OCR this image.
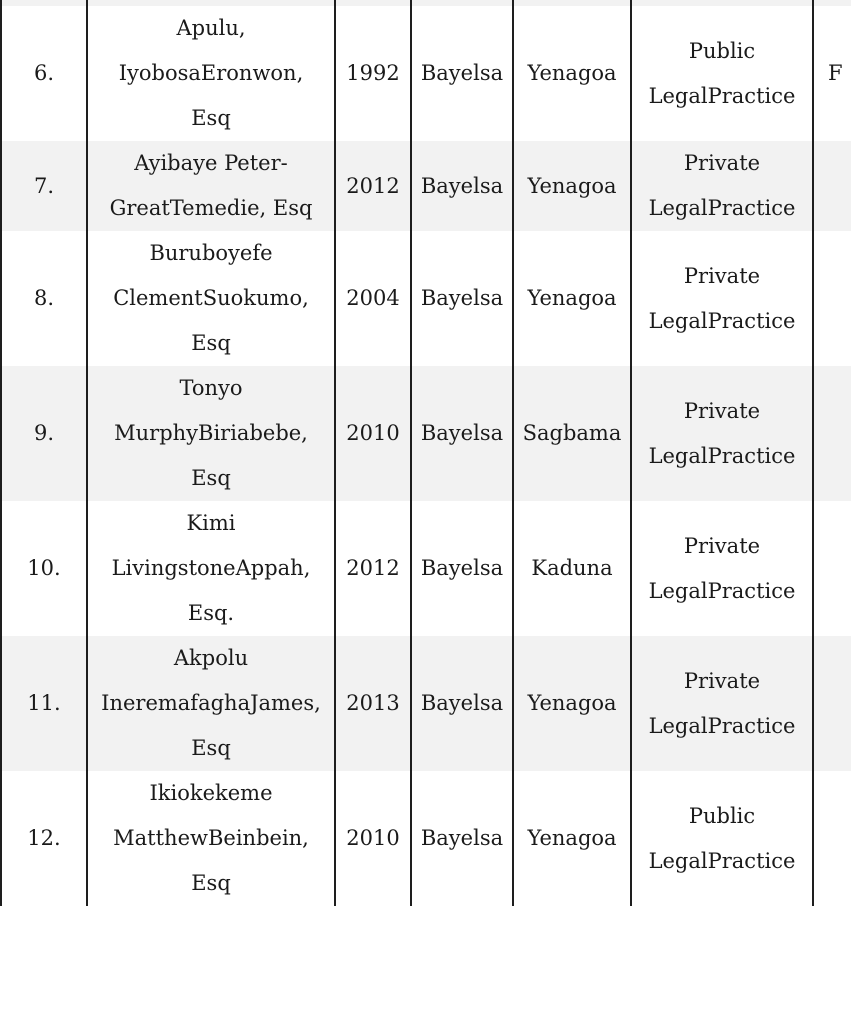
6.	Apulu,
IyobosaEronwon,
Esq	1992	Bayelsa	Yenagoa	Public
LegalPractice	F
7.	Ayibaye Peter-
GreatTemedie, Esq	2012	Bayelsa	Yenagoa	Private
LegalPractice	

8.	Buruboyefe
ClementSuokumo,
Esq	2004	Bayelsa	Yenagoa	Private
LegalPractice	

9.	Tonyo
MurphyBiriabebe,
Esq	2010	Bayelsa	Sagbama	Private
LegalPractice	

10.	Kimi
LivingstoneAppah,
Esq.	2012	Bayelsa	Kaduna	Private
LegalPractice	

11.	Akpolu
IneremafaghaJames,
Esq	2013	Bayelsa	Yenagoa	Private
LegalPractice	

12.	Ikiokekeme
MatthewBeinbein,
Esq	2010	Bayelsa	Yenagoa	Public
LegalPractice	
